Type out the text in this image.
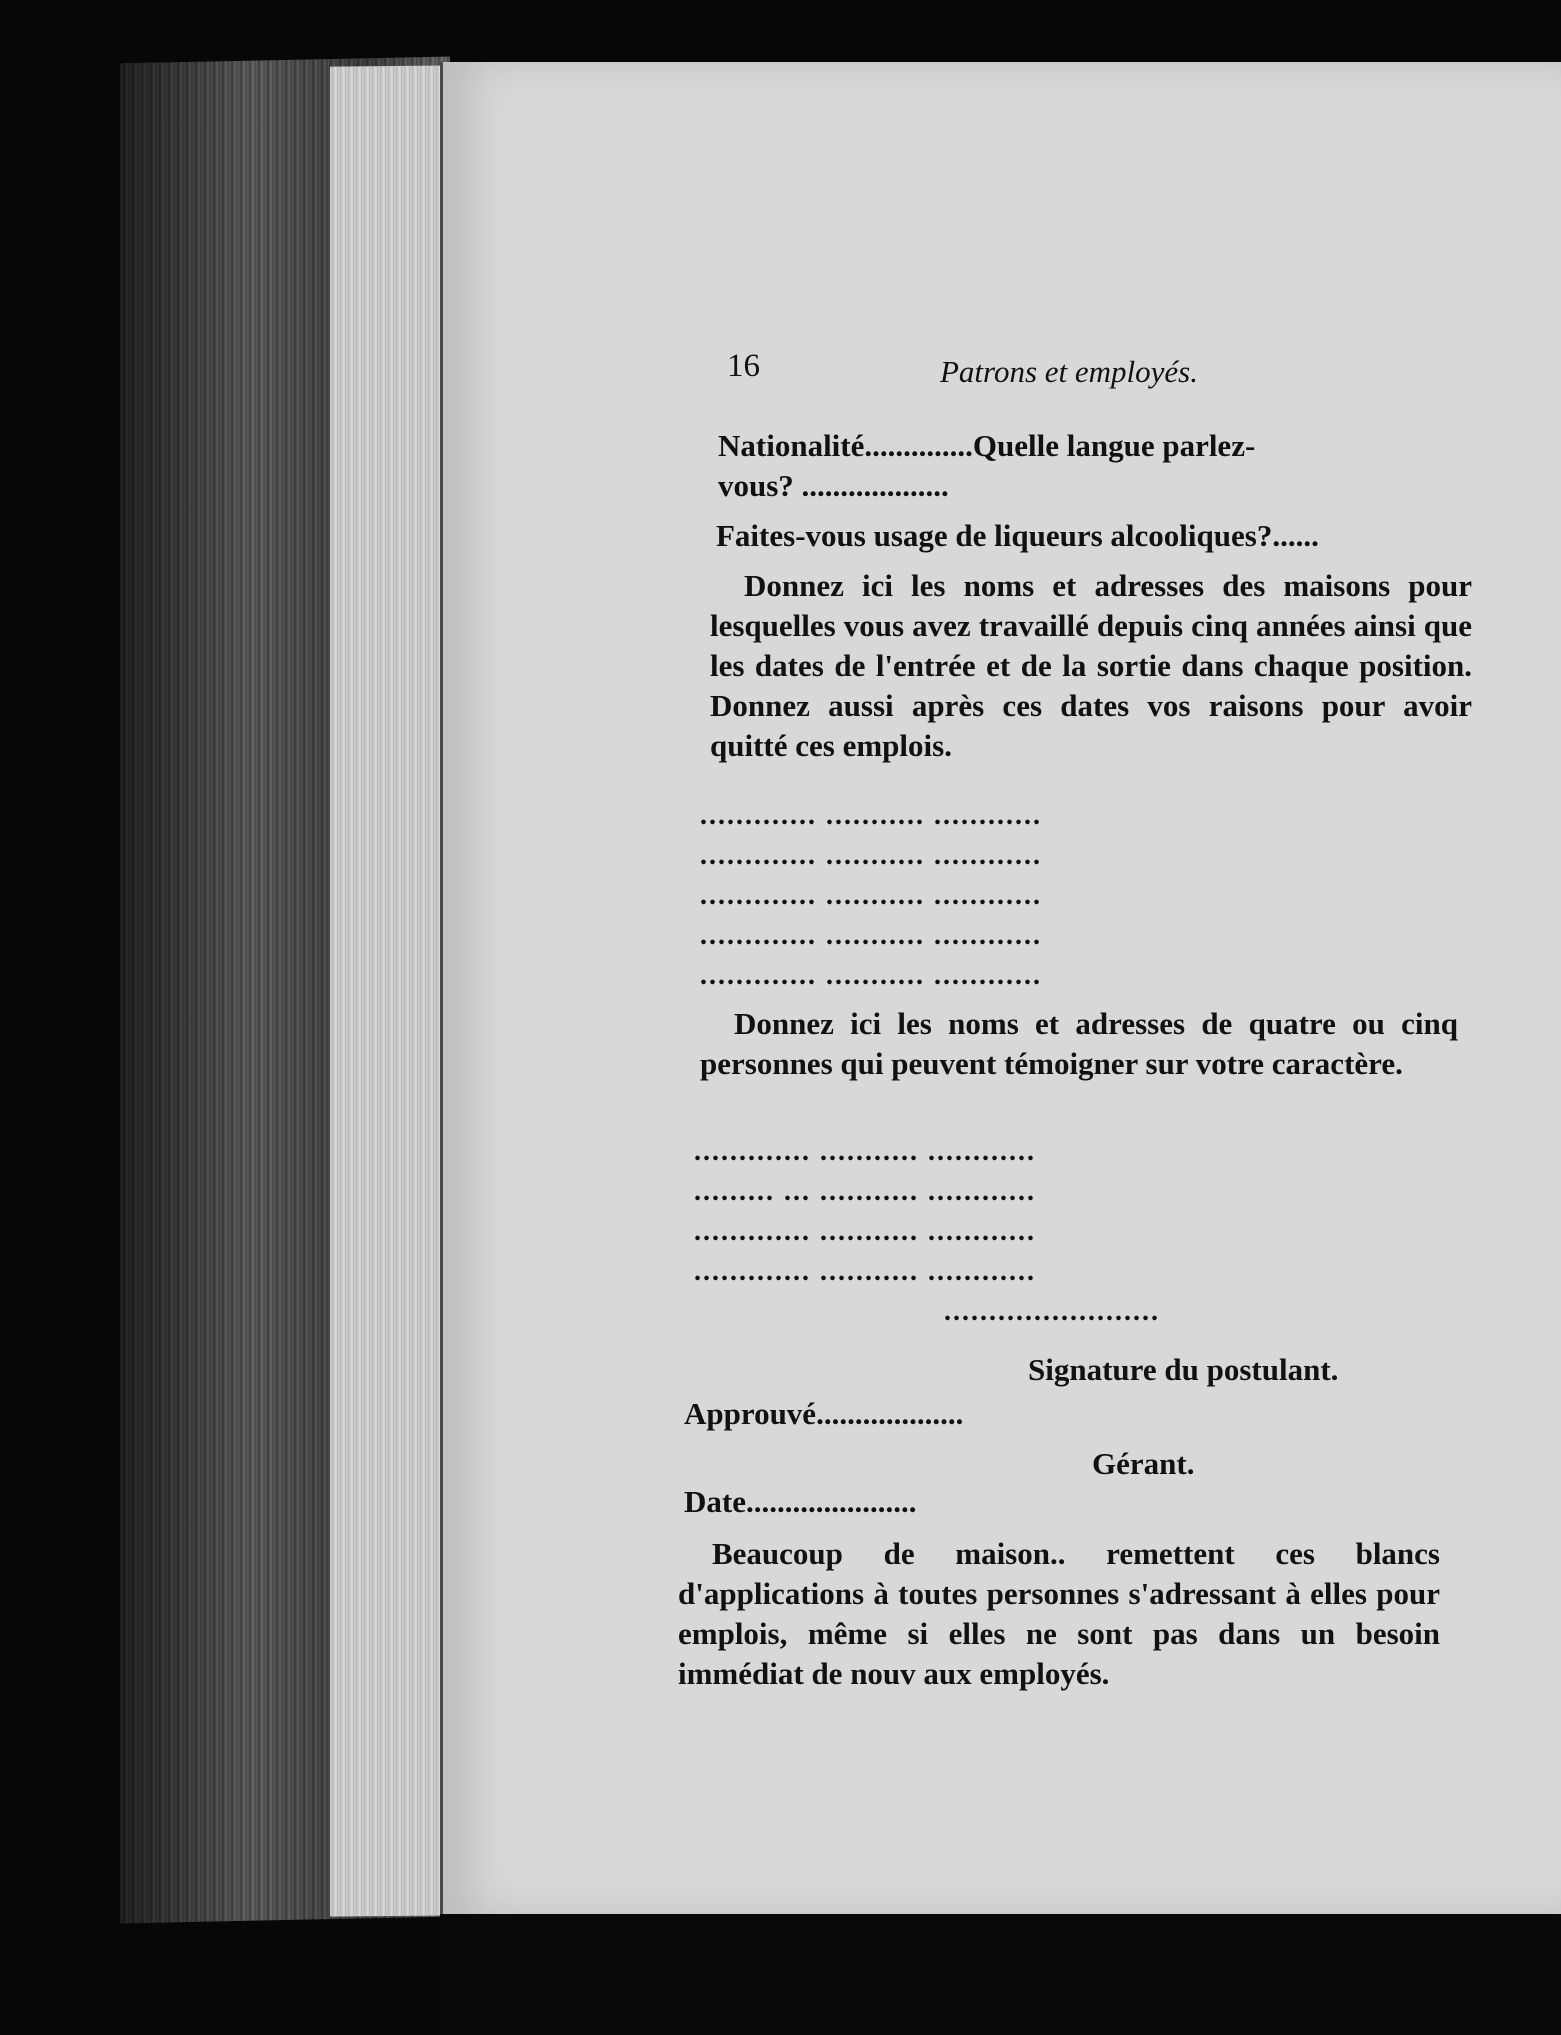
16	Patrons et employés.
Nationalité..............Quelle langue parlez-
vous? ...................
Faites-vous usage de liqueurs alcooliques?......
Donnez ici les noms et adresses des maisons pour lesquelles vous avez travaillé depuis cinq années ainsi que les dates de l'entrée et de la sortie dans chaque position. Donnez aussi après ces dates vos raisons pour avoir quitté ces emplois.
............. ........... ............
............. ........... ............
............. ........... ............
............. ........... ............
............. ........... ............
Donnez ici les noms et adresses de quatre ou cinq personnes qui peuvent témoigner sur votre caractère.
............. ........... ............
......... ... ........... ............
............. ........... ............
............. ........... ............
........................
Signature du postulant.
Approuvé...................
Gérant.
Date......................
Beaucoup de maison.. remettent ces blancs d'applications à toutes personnes s'adressant à elles pour emplois, même si elles ne sont pas dans un besoin immédiat de nouv aux employés.
